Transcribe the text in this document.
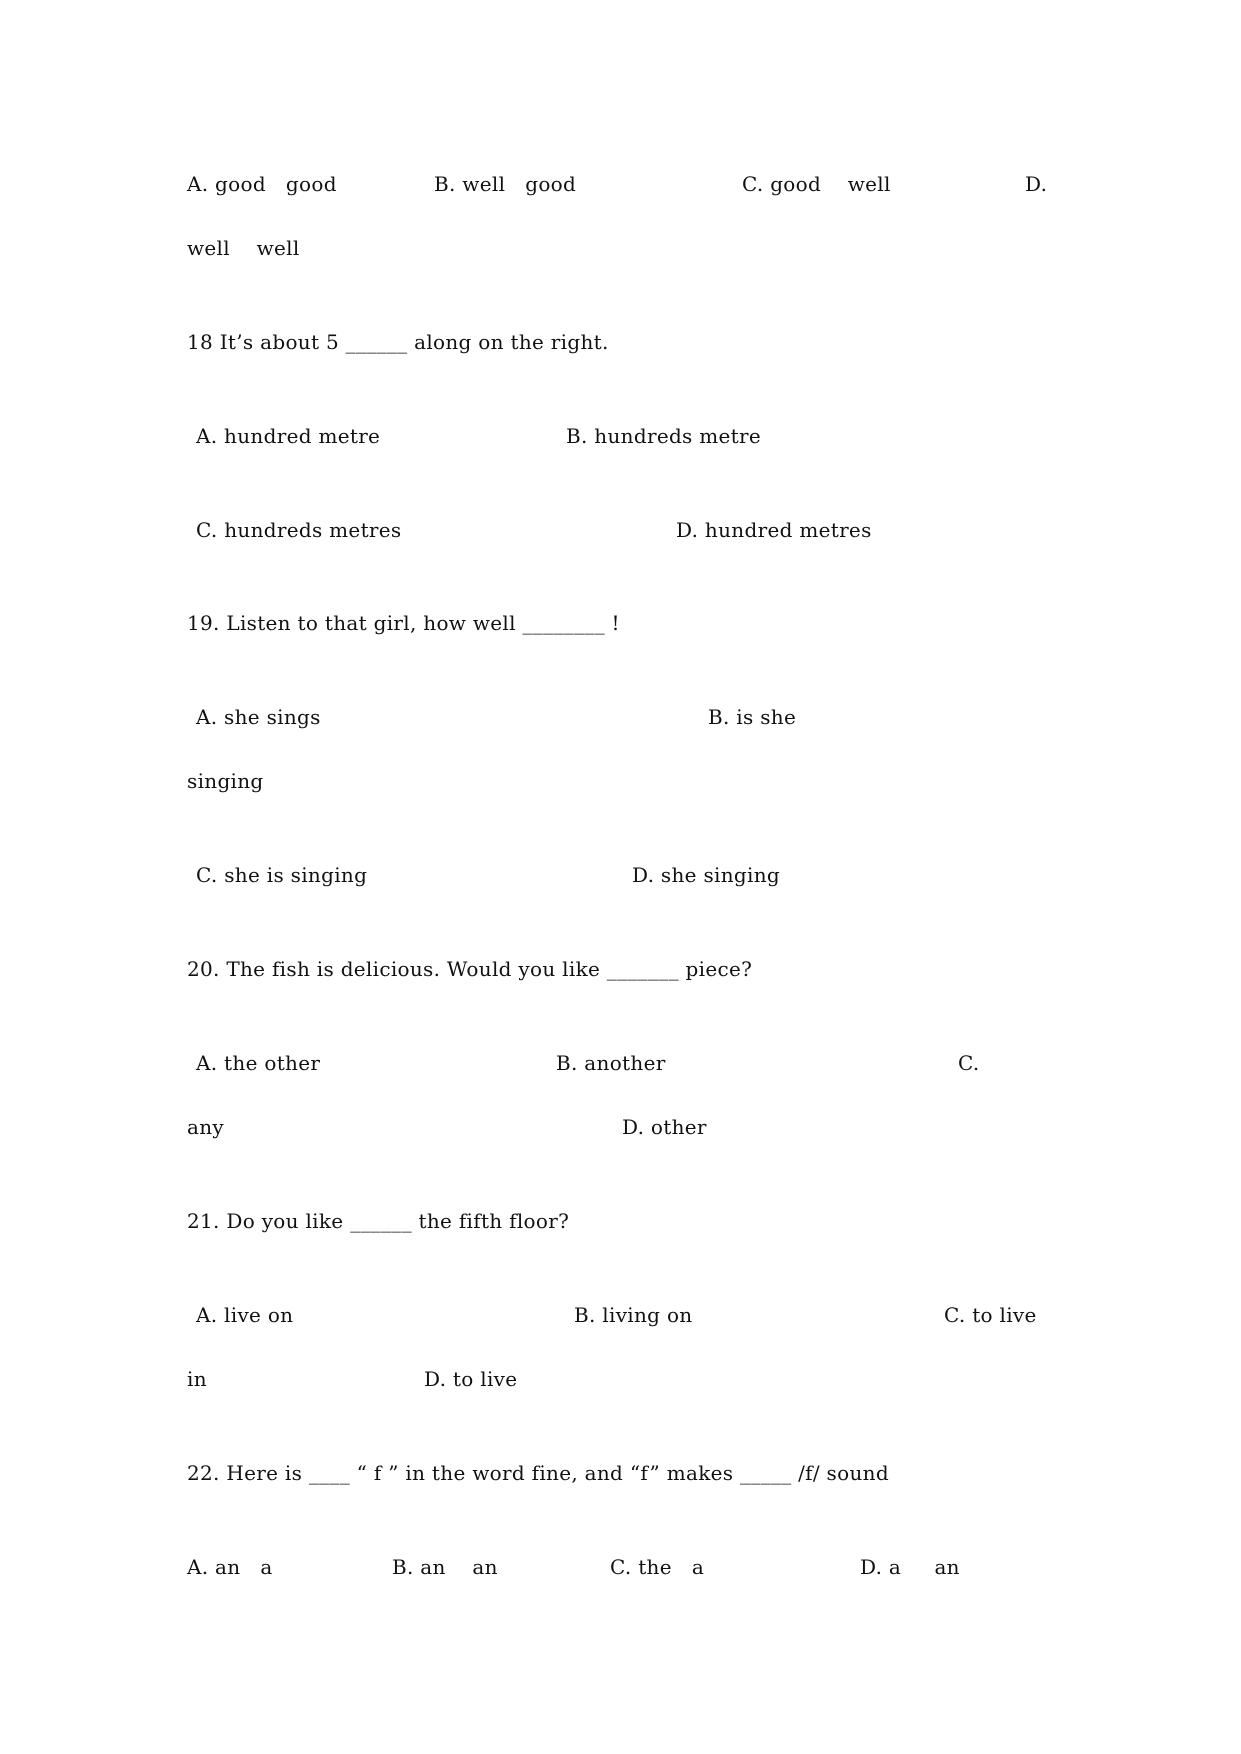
A. good   good	B. well   good	C. good    well	D.
well    well
18 It’s about 5 ______ along on the right.
A. hundred metre	B. hundreds metre
C. hundreds metres	D. hundred metres
19. Listen to that girl, how well ________ !
A. she sings	B. is she
singing
C. she is singing	D. she singing
20. The fish is delicious. Would you like _______ piece?
A. the other	B. another	C.
any	D. other
21. Do you like ______ the fifth floor?
A. live on	B. living on	C. to live
in	D. to live
22. Here is ____ “ f ” in the word fine, and “f” makes _____ /f/ sound
A. an   a	B. an    an	C. the   a	D. a     an
